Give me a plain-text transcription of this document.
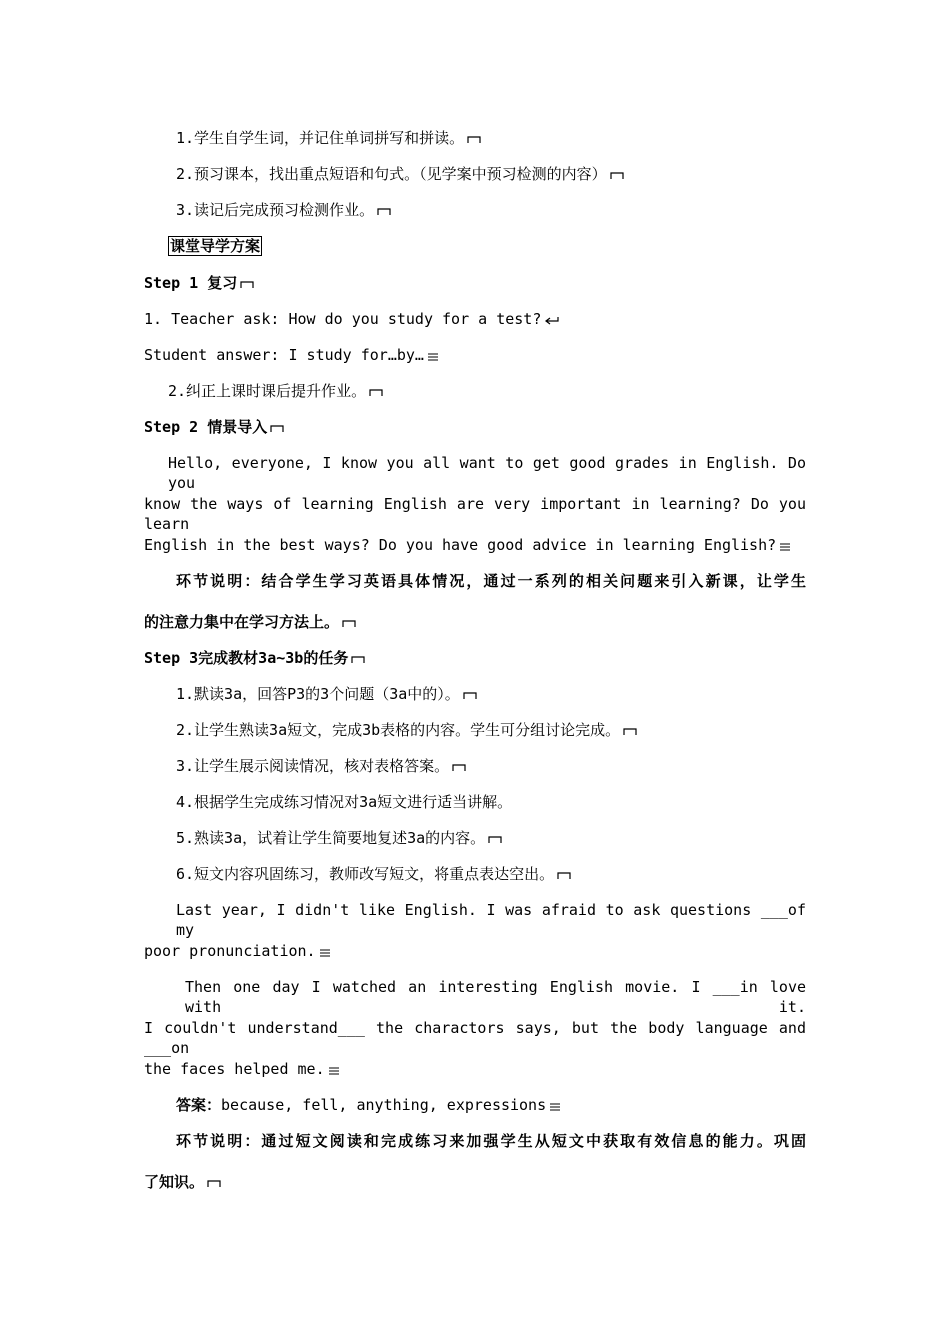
1.学生自学生词，并记住单词拼写和拼读。
2.预习课本，找出重点短语和句式。（见学案中预习检测的内容）
3.读记后完成预习检测作业。
课堂导学方案
Step 1 复习
1. Teacher ask: How do you study for a test?
Student answer: I study for…by…
2.纠正上课时课后提升作业。
Step 2 情景导入
Hello, everyone, I know you all want to get good grades in English. Do you
know the ways of learning English are very important in learning? Do you learn
English in the best ways? Do you have good advice in learning English?
环节说明：结合学生学习英语具体情况，通过一系列的相关问题来引入新课，让学生
的注意力集中在学习方法上。
Step 3完成教材3a~3b的任务
1.默读3a，回答P3的3个问题（3a中的）。
2.让学生熟读3a短文，完成3b表格的内容。学生可分组讨论完成。
3.让学生展示阅读情况，核对表格答案。
4.根据学生完成练习情况对3a短文进行适当讲解。
5.熟读3a，试着让学生简要地复述3a的内容。
6.短文内容巩固练习，教师改写短文，将重点表达空出。
Last year, I didn't like English. I was afraid to ask questions ___of my
poor pronunciation.
Then one day I watched an interesting English movie. I ___in love with it.
I couldn't understand___ the charactors says, but the body language and ___on
the faces helped me.
答案：because, fell, anything, expressions
环节说明：通过短文阅读和完成练习来加强学生从短文中获取有效信息的能力。巩固
了知识。
